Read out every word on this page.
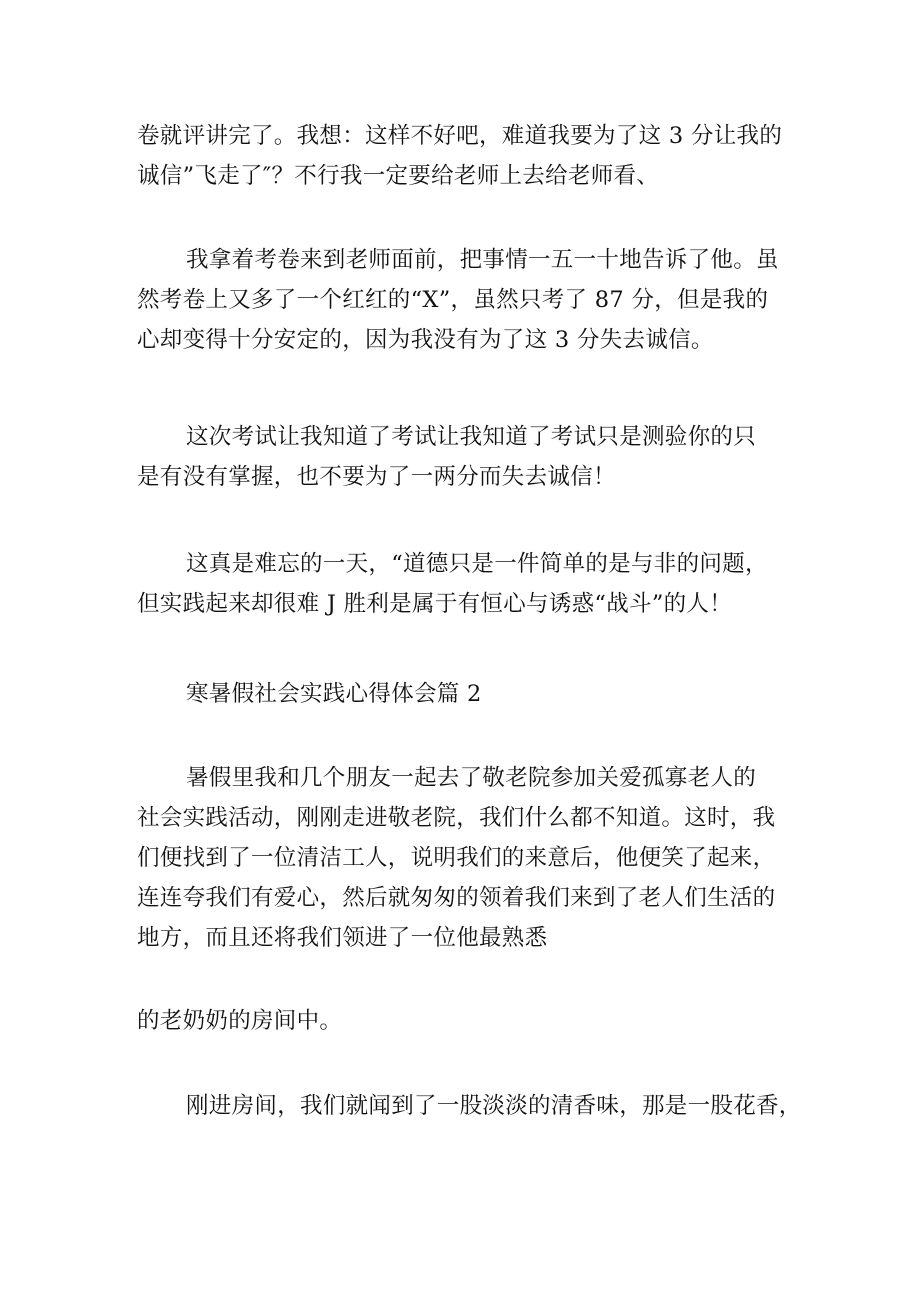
卷就评讲完了。我想：这样不好吧，难道我要为了这 3 分让我的
诚信”飞走了″？不行我一定要给老师上去给老师看、
我拿着考卷来到老师面前，把事情一五一十地告诉了他。虽
然考卷上又多了一个红红的“X”，虽然只考了 87 分，但是我的
心却变得十分安定的，因为我没有为了这 3 分失去诚信。
这次考试让我知道了考试让我知道了考试只是测验你的只
是有没有掌握，也不要为了一两分而失去诚信！
这真是难忘的一天，“道德只是一件简单的是与非的问题，
但实践起来却很难 J 胜利是属于有恒心与诱惑“战斗”的人！
寒暑假社会实践心得体会篇 2
暑假里我和几个朋友一起去了敬老院参加关爱孤寡老人的
社会实践活动，刚刚走进敬老院，我们什么都不知道。这时，我
们便找到了一位清洁工人，说明我们的来意后，他便笑了起来，
连连夸我们有爱心，然后就匆匆的领着我们来到了老人们生活的
地方，而且还将我们领进了一位他最熟悉
的老奶奶的房间中。
刚进房间，我们就闻到了一股淡淡的清香味，那是一股花香，
